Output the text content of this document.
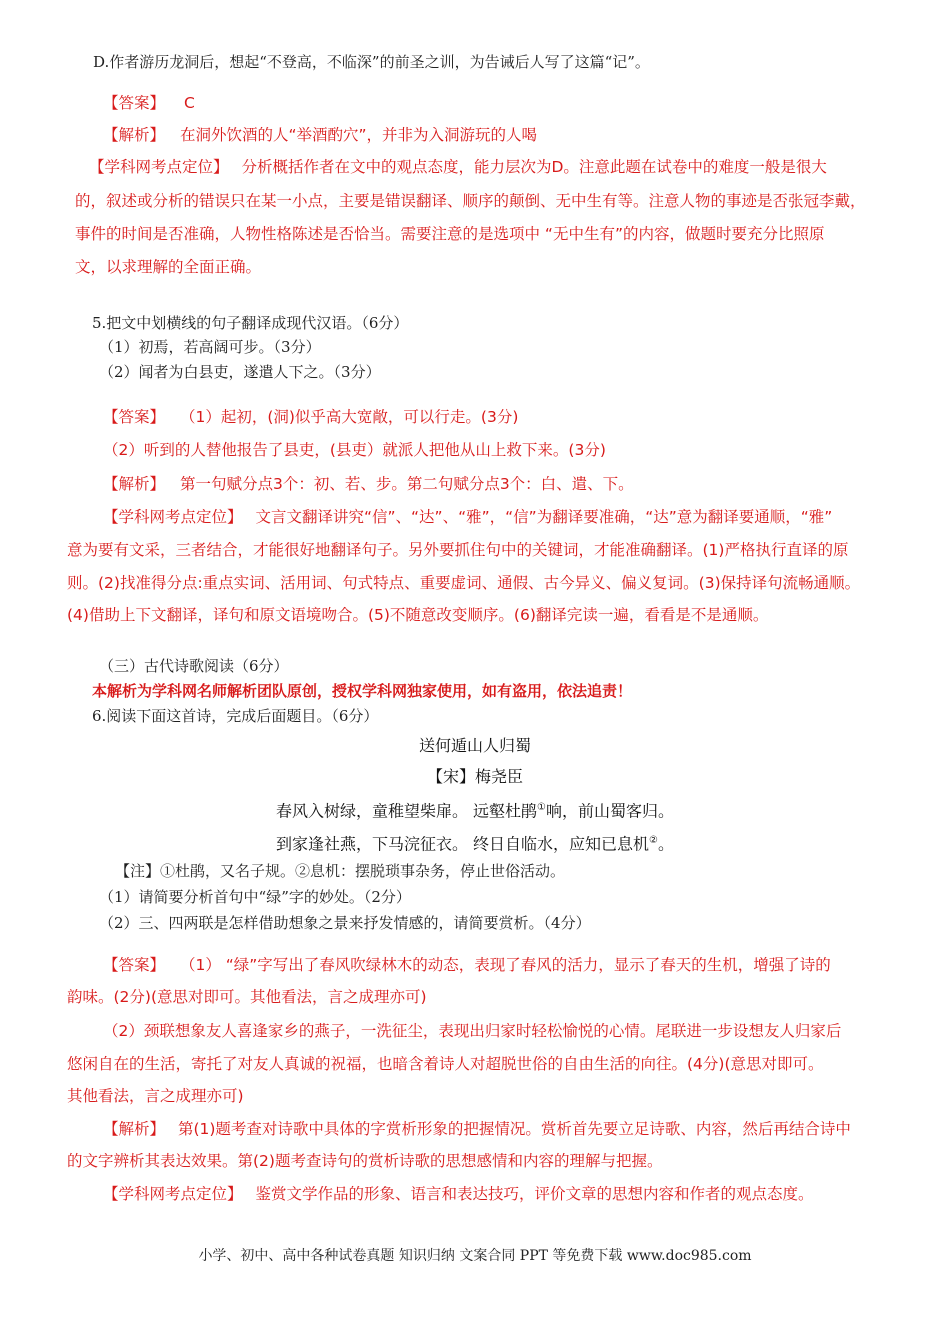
D.作者游历龙洞后，想起“不登高，不临深”的前圣之训，为告诫后人写了这篇“记”。
【答案】 C
【解析】 在洞外饮酒的人“举酒酌穴”，并非为入洞游玩的人喝
【学科网考点定位】 分析概括作者在文中的观点态度，能力层次为D。注意此题在试卷中的难度一般是很大
的，叙述或分析的错误只在某一小点，主要是错误翻译、顺序的颠倒、无中生有等。注意人物的事迹是否张冠李戴，
事件的时间是否准确，人物性格陈述是否恰当。需要注意的是选项中 “无中生有”的内容，做题时要充分比照原
文，以求理解的全面正确。
5.把文中划横线的句子翻译成现代汉语。（6分）
（1）初焉，若高阔可步。（3分）
（2）闻者为白县吏，遂遣人下之。（3分）
【答案】 （1）起初，(洞)似乎高大宽敞，可以行走。(3分)
（2）听到的人替他报告了县吏，(县吏）就派人把他从山上救下来。(3分)
【解析】 第一句赋分点3个：初、若、步。第二句赋分点3个：白、遣、下。
【学科网考点定位】 文言文翻译讲究“信”、“达”、“雅”，“信”为翻译要准确，“达”意为翻译要通顺，“雅”
意为要有文采，三者结合，才能很好地翻译句子。另外要抓住句中的关键词，才能准确翻译。(1)严格执行直译的原
则。(2)找准得分点:重点实词、活用词、句式特点、重要虚词、通假、古今异义、偏义复词。(3)保持译句流畅通顺。
(4)借助上下文翻译，译句和原文语境吻合。(5)不随意改变顺序。(6)翻译完读一遍，看看是不是通顺。
（三）古代诗歌阅读（6分）
本解析为学科网名师解析团队原创，授权学科网独家使用，如有盗用，依法追责！
6.阅读下面这首诗，完成后面题目。（6分）
送何遁山人归蜀
【宋】梅尧臣
春风入树绿，童稚望柴扉。 远壑杜鹃①响，前山蜀客归。
到家逢社燕，下马浣征衣。 终日自临水，应知已息机②。
【注】①杜鹃，又名子规。②息机：摆脱琐事杂务，停止世俗活动。
（1）请简要分析首句中“绿”字的妙处。（2分）
（2）三、四两联是怎样借助想象之景来抒发情感的，请简要赏析。（4分）
【答案】 （1） “绿”字写出了春风吹绿林木的动态，表现了春风的活力，显示了春天的生机，增强了诗的
韵味。(2分)(意思对即可。其他看法，言之成理亦可)
（2）颈联想象友人喜逢家乡的燕子，一洗征尘，表现出归家时轻松愉悦的心情。尾联进一步设想友人归家后
悠闲自在的生活，寄托了对友人真诚的祝福，也暗含着诗人对超脱世俗的自由生活的向往。(4分)(意思对即可。
其他看法，言之成理亦可)
【解析】 第(1)题考查对诗歌中具体的字赏析形象的把握情况。赏析首先要立足诗歌、内容，然后再结合诗中
的文字辨析其表达效果。第(2)题考查诗句的赏析诗歌的思想感情和内容的理解与把握。
【学科网考点定位】 鉴赏文学作品的形象、语言和表达技巧，评价文章的思想内容和作者的观点态度。
小学、初中、高中各种试卷真题 知识归纳 文案合同 PPT 等免费下载 www.doc985.com
